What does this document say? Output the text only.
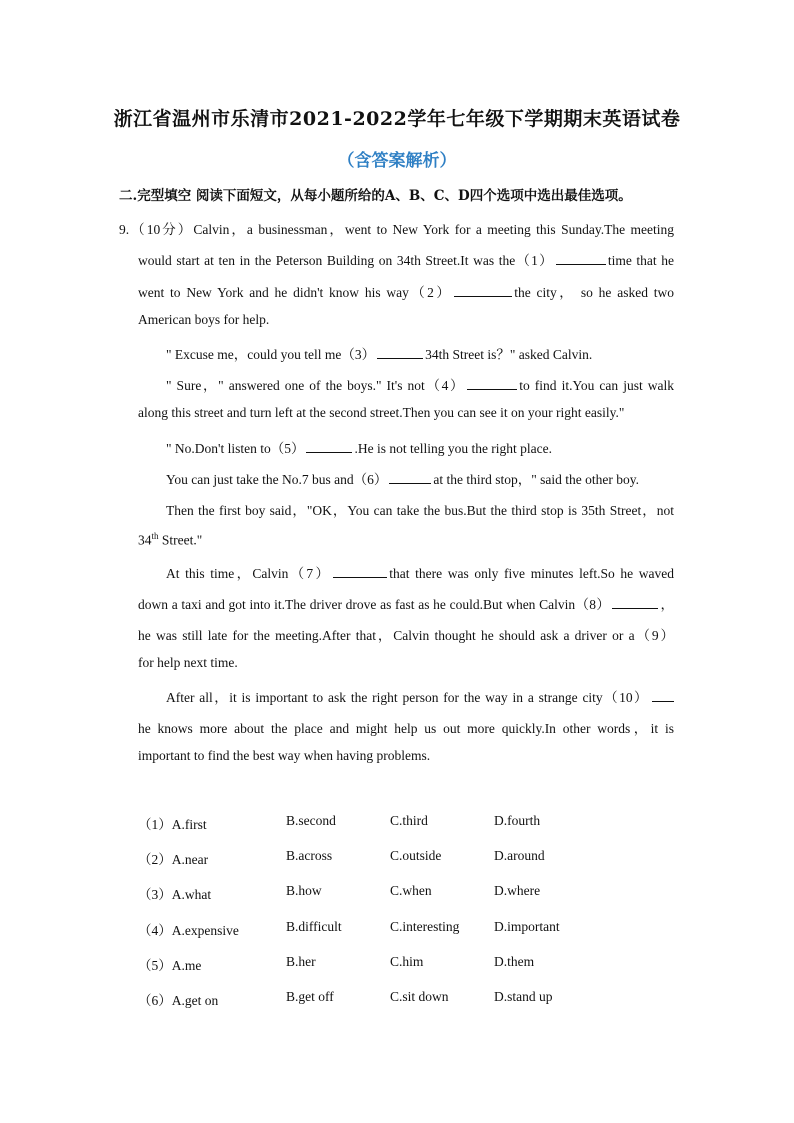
浙江省温州市乐清市2021-2022学年七年级下学期期末英语试卷
（含答案解析）
二.完型填空 阅读下面短文，从每小题所给的A、B、C、D四个选项中选出最佳选项。
9.（10分）Calvin，a businessman，went to New York for a meeting this Sunday.The meeting
would start at ten in the Peterson Building on 34th Street.It was the（1）	time that he
went to New York and he didn't know his way（2）	the city， so he asked two
American boys for help.
" Excuse me，could you tell me（3）	34th Street is？" asked Calvin.
" Sure，" answered one of the boys." It's not（4）	to find it.You can just walk
along this street and turn left at the second street.Then you can see it on your right easily."
" No.Don't listen to（5）	.He is not telling you the right place.
You can just take the No.7 bus and（6）	at the third stop，" said the other boy.
Then the first boy said，"OK，You can take the bus.But the third stop is 35th Street，not
34th Street."
At this time，Calvin（7）	that there was only five minutes left.So he waved
down a taxi and got into it.The driver drove as fast as he could.But when Calvin（8）	，
he was still late for the meeting.After that，Calvin thought he should ask a driver or a（9）
for help next time.
After all，it is important to ask the right person for the way in a strange city（10）
he knows more about the place and might help us out more quickly.In other words，it is
important to find the best way when having problems.
（1）A.first	B.second	C.third	D.fourth
（2）A.near	B.across	C.outside	D.around
（3）A.what	B.how	C.when	D.where
（4）A.expensive	B.difficult	C.interesting	D.important
（5）A.me	B.her	C.him	D.them
（6）A.get on	B.get off	C.sit down	D.stand up
